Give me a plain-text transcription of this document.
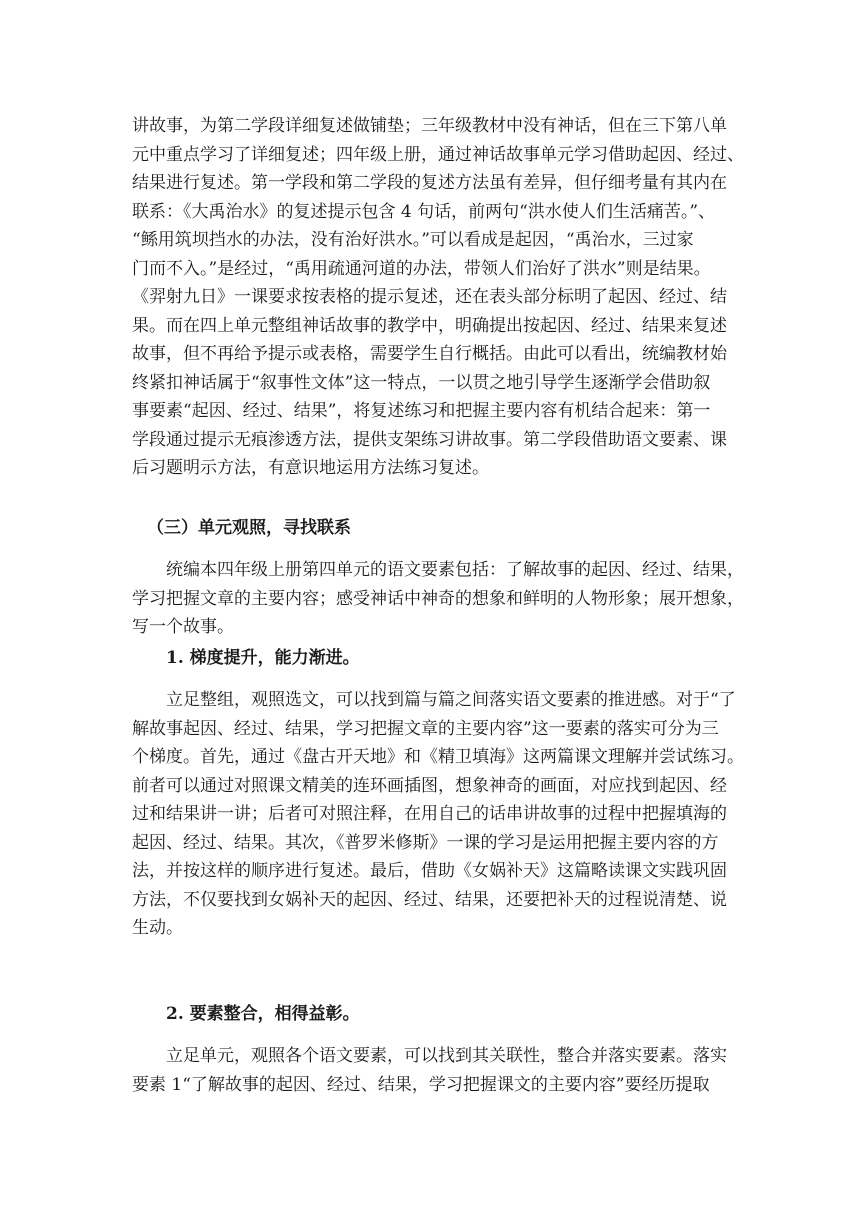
讲故事，为第二学段详细复述做铺垫；三年级教材中没有神话，但在三下第八单
元中重点学习了详细复述；四年级上册，通过神话故事单元学习借助起因、经过、
结果进行复述。第一学段和第二学段的复述方法虽有差异，但仔细考量有其内在
联系：《大禹治水》的复述提示包含 4 句话，前两句“洪水使人们生活痛苦。”、
“鲧用筑坝挡水的办法，没有治好洪水。”可以看成是起因，“禹治水，三过家
门而不入。”是经过，“禹用疏通河道的办法，带领人们治好了洪水”则是结果。
《羿射九日》一课要求按表格的提示复述，还在表头部分标明了起因、经过、结
果。而在四上单元整组神话故事的教学中，明确提出按起因、经过、结果来复述
故事，但不再给予提示或表格，需要学生自行概括。由此可以看出，统编教材始
终紧扣神话属于“叙事性文体”这一特点，一以贯之地引导学生逐渐学会借助叙
事要素“起因、经过、结果”，将复述练习和把握主要内容有机结合起来：第一
学段通过提示无痕渗透方法，提供支架练习讲故事。第二学段借助语文要素、课
后习题明示方法，有意识地运用方法练习复述。
（三）单元观照，寻找联系
统编本四年级上册第四单元的语文要素包括：了解故事的起因、经过、结果，
学习把握文章的主要内容；感受神话中神奇的想象和鲜明的人物形象；展开想象，
写一个故事。
1. 梯度提升，能力渐进。
立足整组，观照选文，可以找到篇与篇之间落实语文要素的推进感。对于“了
解故事起因、经过、结果，学习把握文章的主要内容”这一要素的落实可分为三
个梯度。首先，通过《盘古开天地》和《精卫填海》这两篇课文理解并尝试练习。
前者可以通过对照课文精美的连环画插图，想象神奇的画面，对应找到起因、经
过和结果讲一讲；后者可对照注释，在用自己的话串讲故事的过程中把握填海的
起因、经过、结果。其次，《普罗米修斯》一课的学习是运用把握主要内容的方
法，并按这样的顺序进行复述。最后，借助《女娲补天》这篇略读课文实践巩固
方法，不仅要找到女娲补天的起因、经过、结果，还要把补天的过程说清楚、说
生动。
2. 要素整合，相得益彰。
立足单元，观照各个语文要素，可以找到其关联性，整合并落实要素。落实
要素 1“了解故事的起因、经过、结果，学习把握课文的主要内容”要经历提取
